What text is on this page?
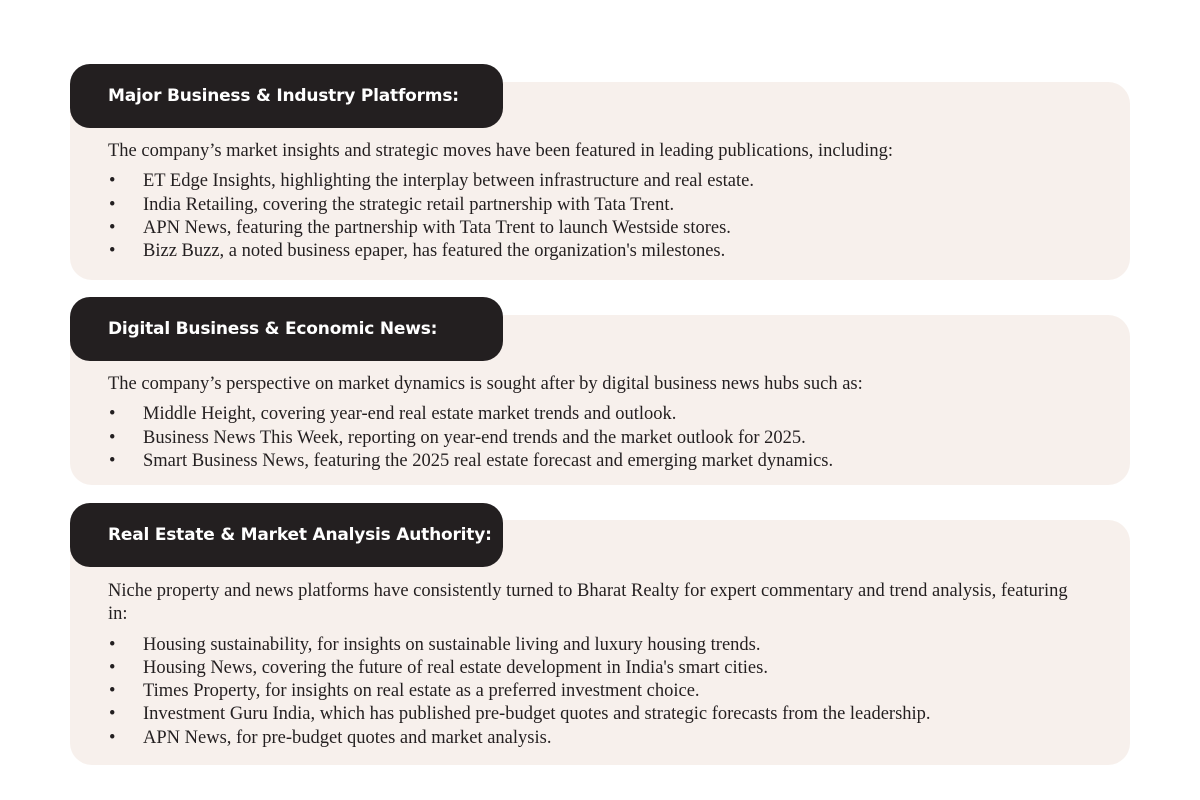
Major Business & Industry Platforms:

The company’s market insights and strategic moves have been featured in leading publications, including:

• ET Edge Insights, highlighting the interplay between infrastructure and real estate.
• India Retailing, covering the strategic retail partnership with Tata Trent.
• APN News, featuring the partnership with Tata Trent to launch Westside stores.
• Bizz Buzz, a noted business epaper, has featured the organization's milestones.
Digital Business & Economic News:

The company’s perspective on market dynamics is sought after by digital business news hubs such as:

• Middle Height, covering year-end real estate market trends and outlook.
• Business News This Week, reporting on year-end trends and the market outlook for 2025.
• Smart Business News, featuring the 2025 real estate forecast and emerging market dynamics.
Real Estate & Market Analysis Authority:

Niche property and news platforms have consistently turned to Bharat Realty for expert commentary and trend analysis, featuring in:

• Housing sustainability, for insights on sustainable living and luxury housing trends.
• Housing News, covering the future of real estate development in India's smart cities.
• Times Property, for insights on real estate as a preferred investment choice.
• Investment Guru India, which has published pre-budget quotes and strategic forecasts from the leadership.
• APN News, for pre-budget quotes and market analysis.
